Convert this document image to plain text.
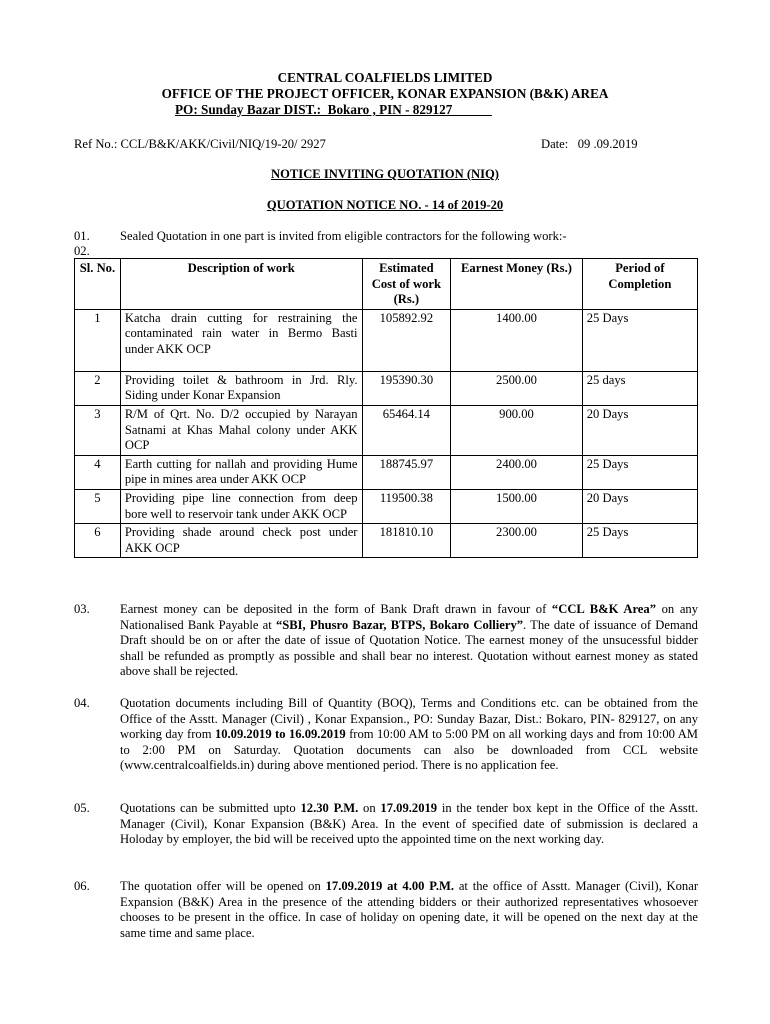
CENTRAL COALFIELDS LIMITED
OFFICE OF THE PROJECT OFFICER, KONAR EXPANSION (B&K) AREA
PO: Sunday Bazar DIST.:  Bokaro , PIN - 829127
Ref No.: CCL/B&K/AKK/Civil/NIQ/19-20/ 2927	Date:   09 .09.2019
NOTICE INVITING QUOTATION (NIQ)
QUOTATION NOTICE NO. - 14 of 2019-20
01.
02.
Sealed Quotation in one part is invited from eligible contractors for the following work:-
Sl. No.	Description of work	Estimated Cost of work (Rs.)	Earnest Money (Rs.)	Period of Completion
1	Katcha drain cutting for restraining the contaminated rain water in Bermo Basti under AKK OCP	105892.92	1400.00	25 Days
2	Providing toilet & bathroom in Jrd. Rly. Siding under Konar Expansion	195390.30	2500.00	25 days
3	R/M of Qrt. No. D/2 occupied by Narayan Satnami at Khas Mahal colony under AKK OCP	65464.14	900.00	20 Days
4	Earth cutting for nallah and providing Hume pipe in mines area under AKK OCP	188745.97	2400.00	25 Days
5	Providing pipe line connection from deep bore well to reservoir tank under AKK OCP	119500.38	1500.00	20 Days
6	Providing shade around check post under AKK OCP	181810.10	2300.00	25 Days
03. Earnest money can be deposited in the form of Bank Draft drawn in favour of “CCL B&K Area” on any Nationalised Bank Payable at “SBI, Phusro Bazar, BTPS, Bokaro Colliery”. The date of issuance of Demand Draft should be on or after the date of issue of Quotation Notice. The earnest money of the unsucessful bidder shall be refunded as promptly as possible and shall bear no interest. Quotation without earnest money as stated above shall be rejected.
04. Quotation documents including Bill of Quantity (BOQ), Terms and Conditions etc. can be obtained from the Office of the Asstt. Manager (Civil) , Konar Expansion., PO: Sunday Bazar, Dist.: Bokaro, PIN- 829127, on any working day from 10.09.2019 to 16.09.2019 from 10:00 AM to 5:00 PM on all working days and from 10:00 AM to 2:00 PM on Saturday. Quotation documents can also be downloaded from CCL website (www.centralcoalfields.in) during above mentioned period. There is no application fee.
05. Quotations can be submitted upto 12.30 P.M. on 17.09.2019 in the tender box kept in the Office of the Asstt. Manager (Civil), Konar Expansion (B&K) Area. In the event of specified date of submission is declared a Holoday by employer, the bid will be received upto the appointed time on the next working day.
06. The quotation offer will be opened on 17.09.2019 at 4.00 P.M. at the office of Asstt. Manager (Civil), Konar Expansion (B&K) Area in the presence of the attending bidders or their authorized representatives whosoever chooses to be present in the office. In case of holiday on opening date, it will be opened on the next day at the same time and same place.
